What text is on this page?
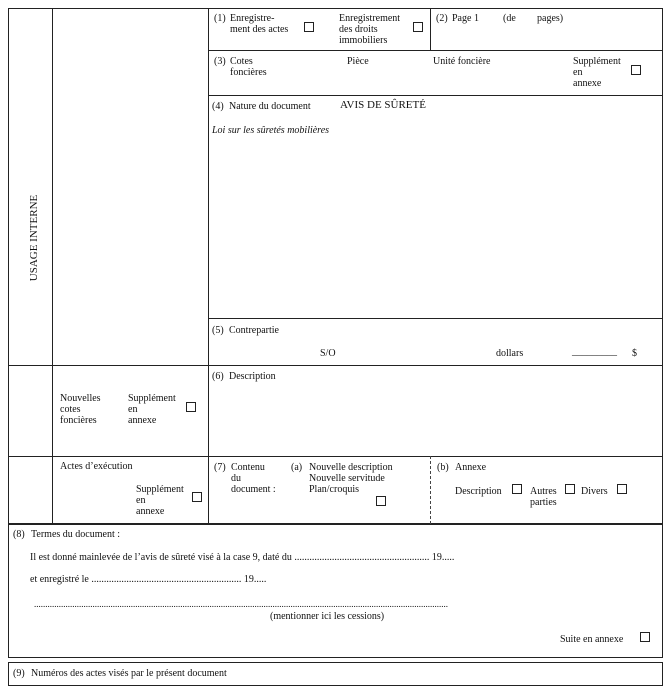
USAGE INTERNE
(1) Enregistre-
ment des actes
Enregistrement
des droits
immobiliers
(2) Page 1 (de pages)
(3) Cotes
foncières
Pièce	Unité foncière	Supplément
en
annexe
(4) Nature du document	AVIS DE SÛRETÉ
Loi sur les sûretés mobilières
(5) Contrepartie
S/O	dollars	_________ $
Nouvelles
cotes
foncières
Supplément
en
annexe
(6) Description
Actes d’exécution
Supplément
en
annexe
(7) Contenu
du
document :
(a) Nouvelle description
Nouvelle servitude
Plan/croquis
(b) Annexe
Description	Autres
parties
Divers
(8) Termes du document :
Il est donné mainlevée de l’avis de sûreté visé à la case 9, daté du ...................................................... 19.....
et enregistré le ............................................................ 19.....
........................................................................................................................................................................................
(mentionner ici les cessions)
Suite en annexe
(9) Numéros des actes visés par le présent document
